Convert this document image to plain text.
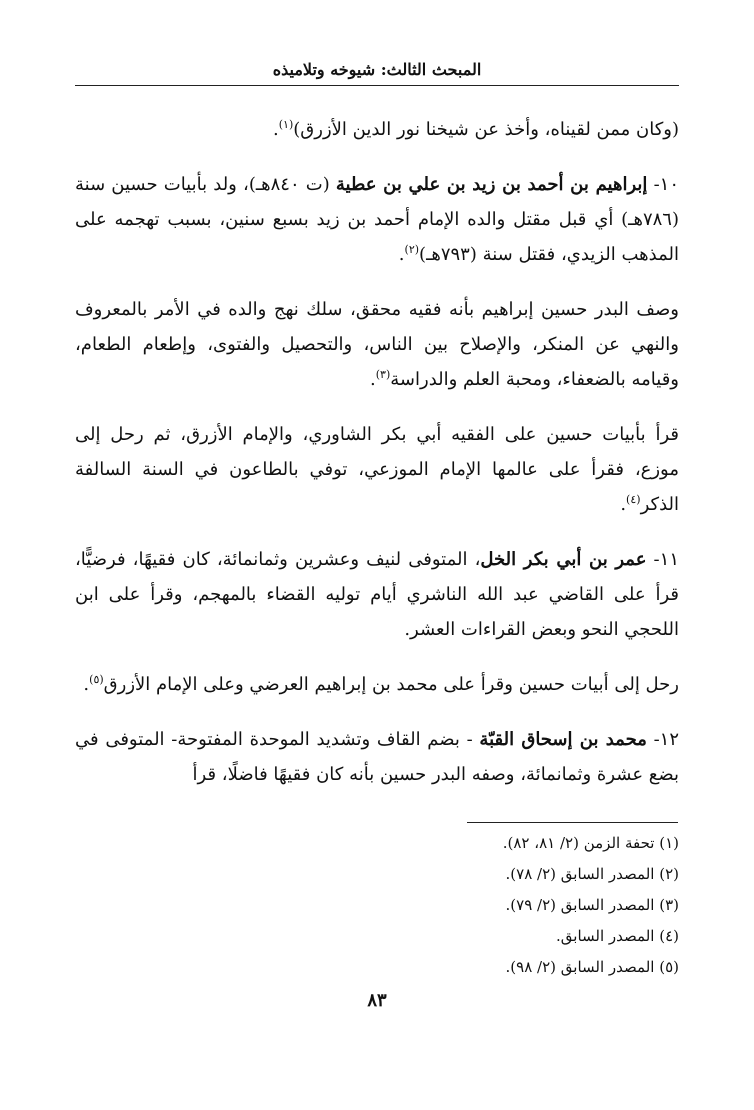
المبحث الثالث: شيوخه وتلاميذه

(وكان ممن لقيناه، وأخذ عن شيخنا نور الدين الأزرق)$^{(١)}$.

١٠- إبراهيم بن أحمد بن زيد بن علي بن عطية (ت ٨٤٠هـ)، ولد بأبيات حسين سنة (٧٨٦هـ) أي قبل مقتل والده الإمام أحمد بن زيد بسبع سنين، بسبب تهجمه على المذهب الزيدي، فقتل سنة (٧٩٣هـ)$^{(٢)}$.

وصف البدر حسين إبراهيم بأنه فقيه محقق، سلك نهج والده في الأمر بالمعروف والنهي عن المنكر، والإصلاح بين الناس، والتحصيل والفتوى، وإطعام الطعام، وقيامه بالضعفاء، ومحبة العلم والدراسة$^{(٣)}$.

قرأ بأبيات حسين على الفقيه أبي بكر الشاوري، والإمام الأزرق، ثم رحل إلى موزع، فقرأ على عالمها الإمام الموزعي، توفي بالطاعون في السنة السالفة الذكر$^{(٤)}$.

١١- عمر بن أبي بكر الخل، المتوفى لنيف وعشرين وثمانمائة، كان فقيهًا، فرضيًّا، قرأ على القاضي عبد الله الناشري أيام توليه القضاء بالمهجم، وقرأ على ابن اللحجي النحو وبعض القراءات العشر.

رحل إلى أبيات حسين وقرأ على محمد بن إبراهيم العرضي وعلى الإمام الأزرق$^{(٥)}$.

١٢- محمد بن إسحاق القبّة - بضم القاف وتشديد الموحدة المفتوحة- المتوفى في بضع عشرة وثمانمائة، وصفه البدر حسين بأنه كان فقيهًا فاضلًا، قرأ

(١) تحفة الزمن (٢/ ٨١، ٨٢).
(٢) المصدر السابق (٢/ ٧٨).
(٣) المصدر السابق (٢/ ٧٩).
(٤) المصدر السابق.
(٥) المصدر السابق (٢/ ٩٨).
٨٣
